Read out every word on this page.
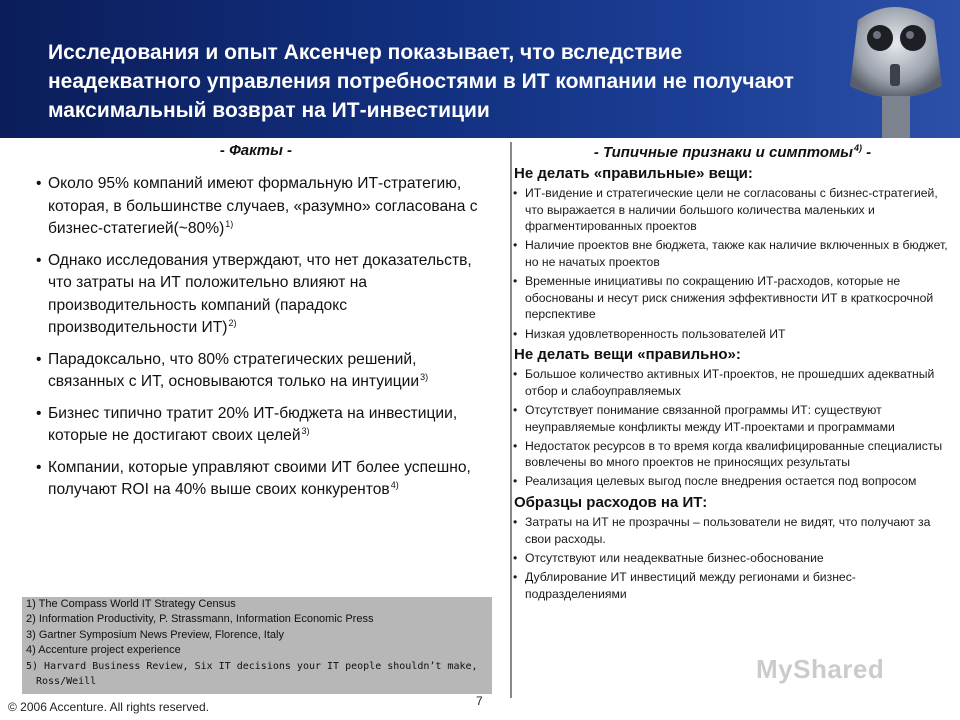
Исследования и опыт Аксенчер показывает, что вследствие неадекватного управления потребностями в ИТ компании не получают максимальный возврат на ИТ-инвестиции

- Факты -

• Около 95% компаний имеют формальную ИТ-стратегию, которая, в большинстве случаев, «разумно» согласована с бизнес-статегией(~80%)$^{1)}$
• Однако исследования утверждают, что нет доказательств, что затраты на ИТ положительно влияют на производительность компаний (парадокс производительности ИТ)$^{2)}$
• Парадоксально, что 80% стратегических решений, связанных с ИТ, основываются только на интуиции$^{3)}$
• Бизнес типично тратит 20% ИТ-бюджета на инвестиции, которые не достигают своих целей$^{3)}$
• Компании, которые управляют своими ИТ более успешно, получают ROI на 40% выше своих конкурентов$^{4)}$
1) The Compass World IT Strategy Census
2) Information Productivity, P. Strassmann, Information Economic Press
3) Gartner Symposium News Preview, Florence, Italy
4) Accenture project experience
5) Harvard Business Review, Six IT decisions your IT people shouldn’t make,
Ross/Weill
© 2006 Accenture. All rights reserved.	7

- Типичные признаки и симптомы$^{4)}$ -

Не делать «правильные» вещи:
• ИТ-видение и стратегические цели не согласованы с бизнес-стратегией, что выражается в наличии большого количества маленьких и фрагментированных проектов
• Наличие проектов вне бюджета, также как наличие включенных в бюджет, но не начатых проектов
• Временные инициативы по сокращению ИТ-расходов, которые не обоснованы и несут риск снижения эффективности ИТ в краткосрочной перспективе
• Низкая удовлетворенность пользователей ИТ
Не делать вещи «правильно»:
• Большое количество активных ИТ-проектов, не прошедших адекватный отбор и слабоуправляемых
• Отсутствует понимание связанной программы ИТ: существуют неуправляемые конфликты между ИТ-проектами и программами
• Недостаток ресурсов в то время когда квалифицированные специалисты вовлечены во много проектов не приносящих результаты
• Реализация целевых выгод после внедрения остается под вопросом
Образцы расходов на ИТ:
• Затраты на ИТ не прозрачны – пользователи не видят, что получают за свои расходы.
• Отсутствуют или неадекватные бизнес-обоснование
• Дублирование ИТ инвестиций между регионами и бизнес-подразделениями
MyShared
